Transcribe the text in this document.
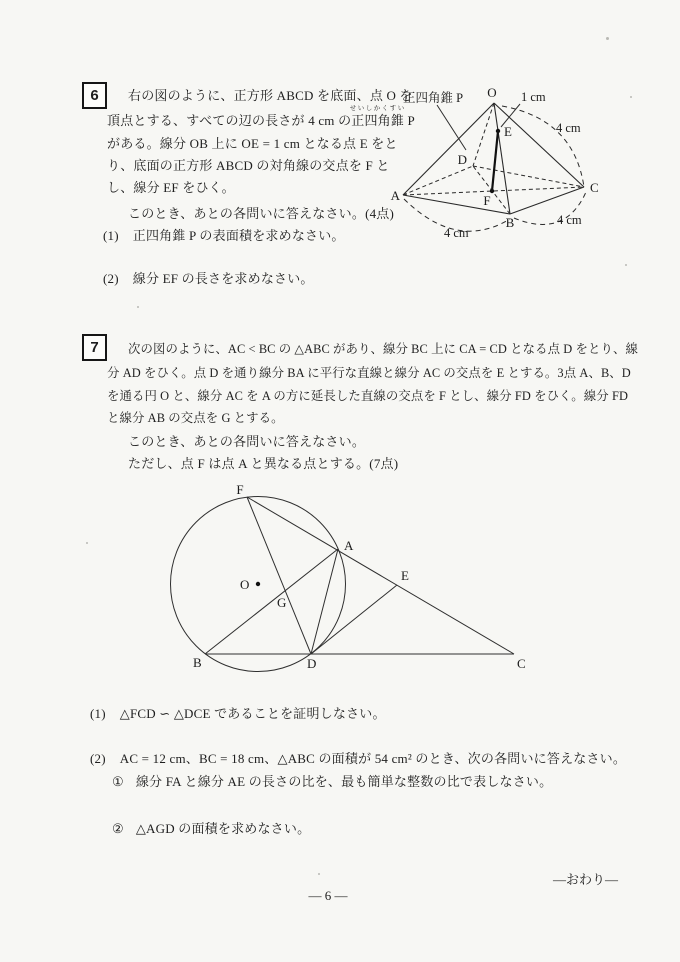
6	右の図のように、正方形 ABCD を底面、点 O を
頂点とする、すべての辺の長さが 4 cm の
せいしかくすい
正四角錐 P
がある。線分 OB 上に OE = 1 cm となる点 E をと
り、底面の正方形 ABCD の対角線の交点を F と
し、線分 EF をひく。
このとき、あとの各問いに答えなさい。(4点)
(1) 正四角錐 P の表面積を求めなさい。
(2) 線分 EF の長さを求めなさい。
正四角錐 P O
A
B
C
D
E
F
1 cm
4 cm
4 cm
4 cm
7	次の図のように、AC < BC の △ABC があり、線分 BC 上に CA = CD となる点 D をとり、線
分 AD をひく。点 D を通り線分 BA に平行な直線と線分 AC の交点を E とする。3点 A、B、D
を通る円 O と、線分 AC を A の方に延長した直線の交点を F とし、線分 FD をひく。線分 FD
と線分 AB の交点を G とする。
このとき、あとの各問いに答えなさい。
ただし、点 F は点 A と異なる点とする。(7点)
F
A
B	D	C
E
G
O
(1) △FCD ∽ △DCE であることを証明しなさい。
(2) AC = 12 cm、BC = 18 cm、△ABC の面積が 54 cm² のとき、次の各問いに答えなさい。
① 線分 FA と線分 AE の長さの比を、最も簡単な整数の比で表しなさい。
② △AGD の面積を求めなさい。
―おわり―
― 6 ―
